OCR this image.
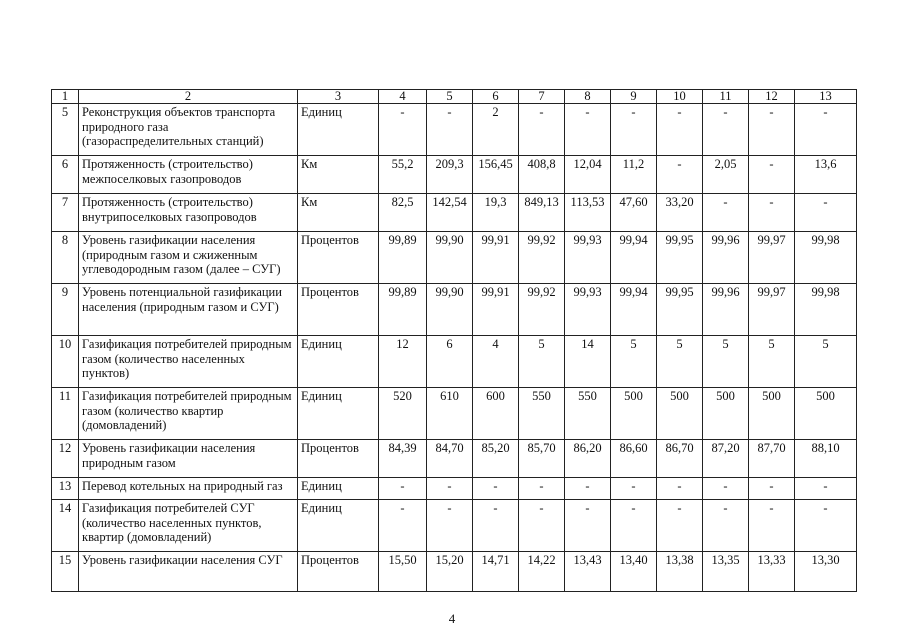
1	2	3	4	5	6	7	8	9	10	11	12	13
5	Реконструкция объектов транспорта природного газа (газораспределительных станций)	Единиц	-	-	2	-	-	-	-	-	-	-
6	Протяженность (строительство) межпоселковых газопроводов	Км	55,2	209,3	156,45	408,8	12,04	11,2	-	2,05	-	13,6
7	Протяженность (строительство) внутрипоселковых газопроводов	Км	82,5	142,54	19,3	849,13	113,53	47,60	33,20	-	-	-
8	Уровень газификации населения (природным газом и сжиженным углеводородным газом (далее – СУГ)	Процентов	99,89	99,90	99,91	99,92	99,93	99,94	99,95	99,96	99,97	99,98
9	Уровень потенциальной газификации населения (природным газом и СУГ)	Процентов	99,89	99,90	99,91	99,92	99,93	99,94	99,95	99,96	99,97	99,98
10	Газификация потребителей природным газом (количество населенных пунктов)	Единиц	12	6	4	5	14	5	5	5	5	5
11	Газификация потребителей природным газом (количество квартир (домовладений)	Единиц	520	610	600	550	550	500	500	500	500	500
12	Уровень газификации населения природным газом	Процентов	84,39	84,70	85,20	85,70	86,20	86,60	86,70	87,20	87,70	88,10
13	Перевод котельных на природный газ	Единиц	-	-	-	-	-	-	-	-	-	-
14	Газификация потребителей СУГ (количество населенных пунктов, квартир (домовладений)	Единиц	-	-	-	-	-	-	-	-	-	-
15	Уровень газификации населения СУГ	Процентов	15,50	15,20	14,71	14,22	13,43	13,40	13,38	13,35	13,33	13,30
4
